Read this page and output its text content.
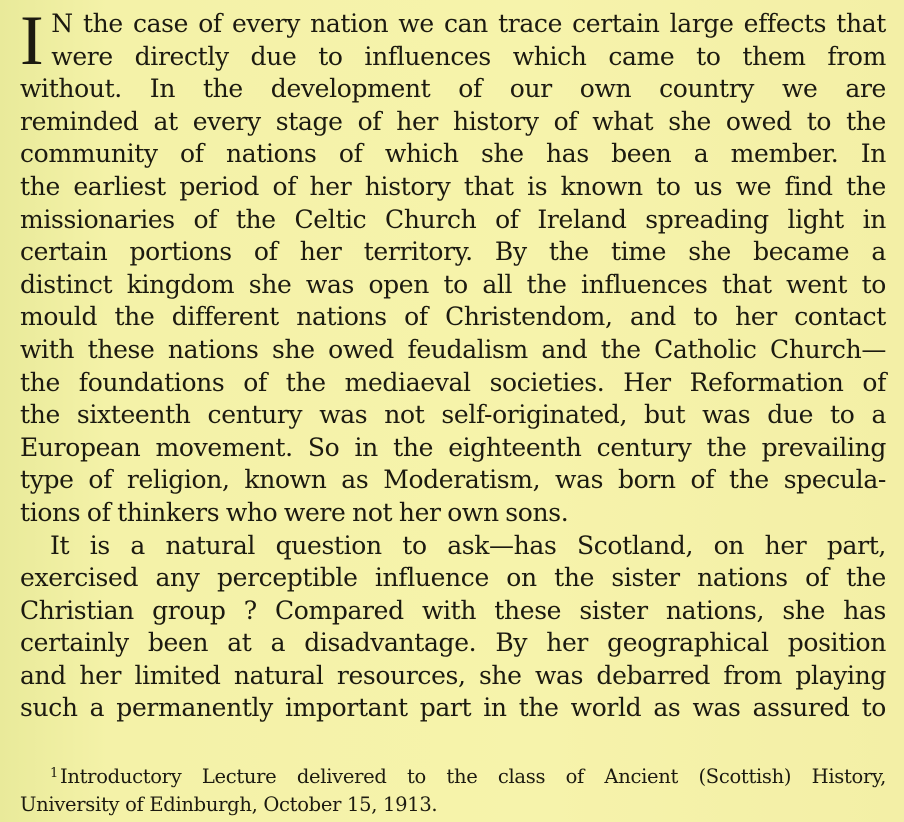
I N the case of every nation we can trace certain large effects that
were directly due to influences which came to them from
without. In the development of our own country we are
reminded at every stage of her history of what she owed to the
community of nations of which she has been a member. In
the earliest period of her history that is known to us we find the
missionaries of the Celtic Church of Ireland spreading light in
certain portions of her territory. By the time she became a
distinct kingdom she was open to all the influences that went to
mould the different nations of Christendom, and to her contact
with these nations she owed feudalism and the Catholic Church—
the foundations of the mediaeval societies. Her Reformation of
the sixteenth century was not self-originated, but was due to a
European movement. So in the eighteenth century the prevailing
type of religion, known as Moderatism, was born of the specula-
tions of thinkers who were not her own sons.
It is a natural question to ask—has Scotland, on her part,
exercised any perceptible influence on the sister nations of the
Christian group ? Compared with these sister nations, she has
certainly been at a disadvantage. By her geographical position
and her limited natural resources, she was debarred from playing
such a permanently important part in the world as was assured to
$^1$ Introductory Lecture delivered to the class of Ancient (Scottish) History,
University of Edinburgh, October 15, 1913.
